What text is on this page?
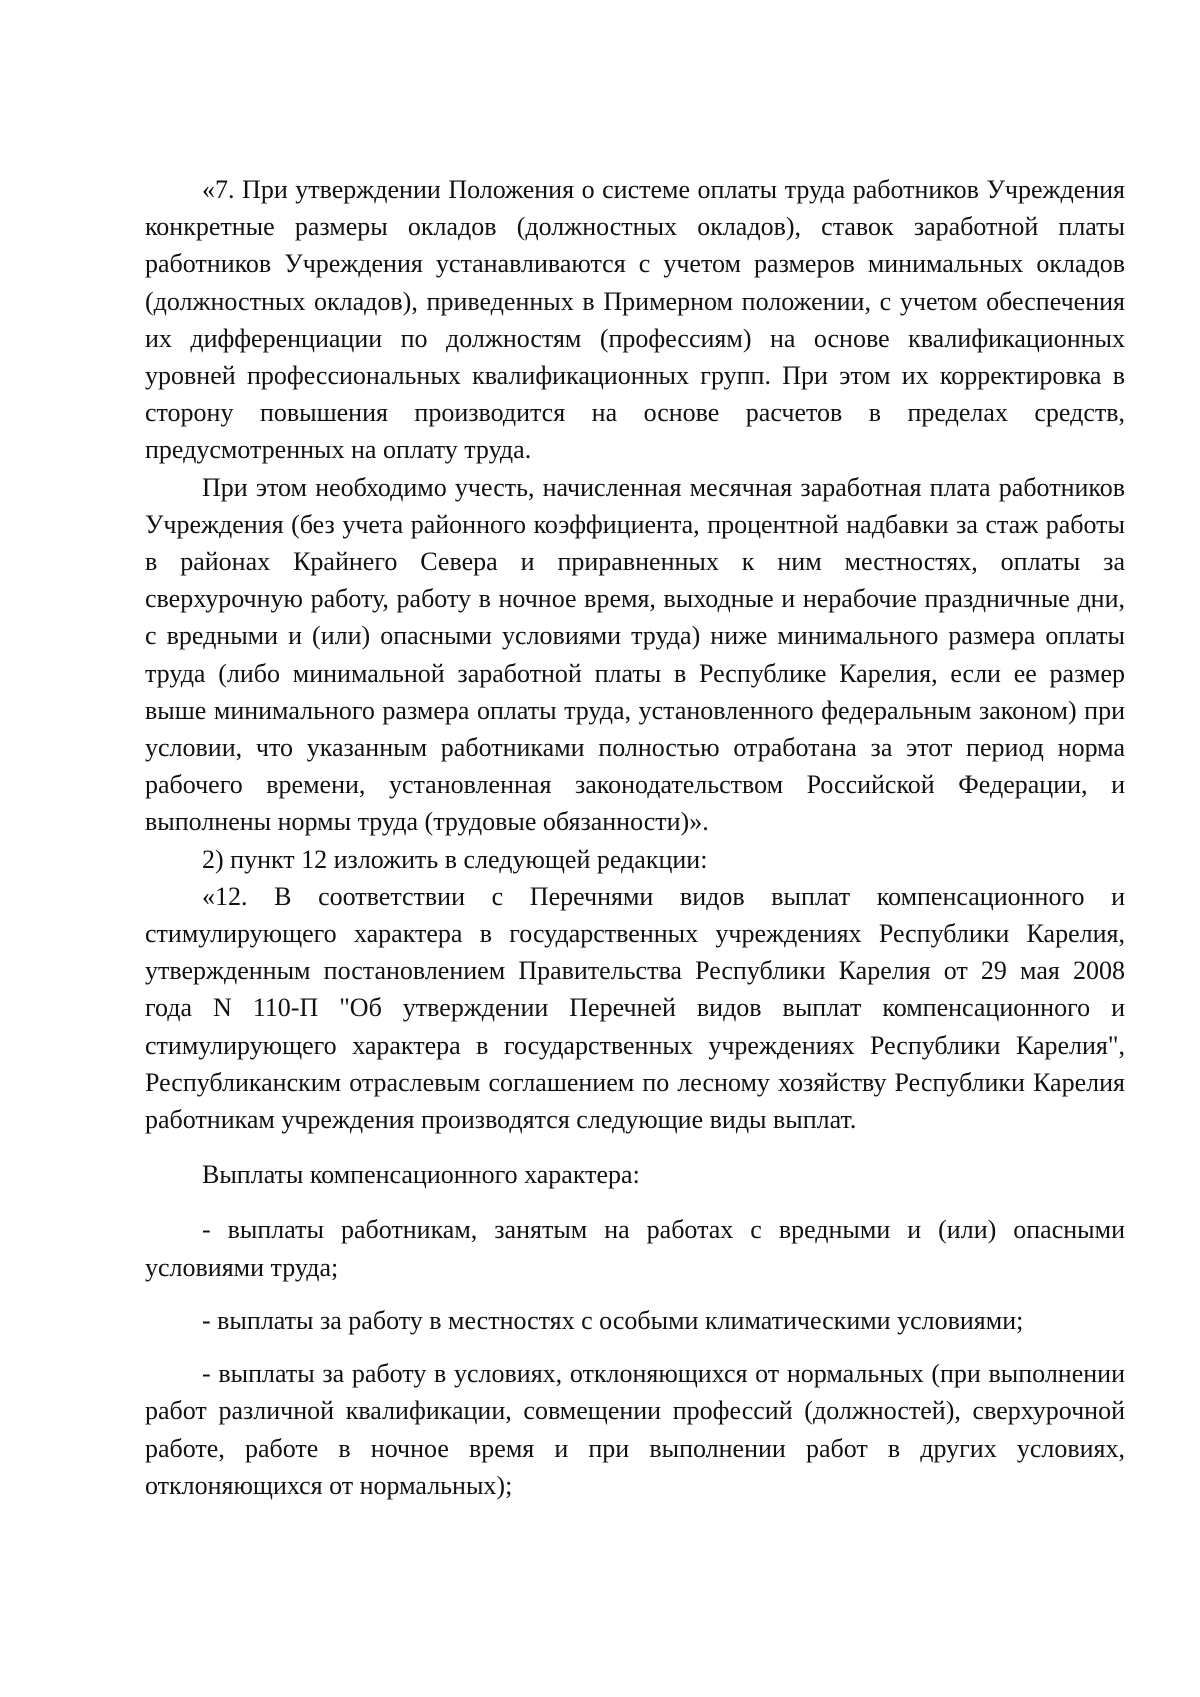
«7. При утверждении Положения о системе оплаты труда работников Учреждения конкретные размеры окладов (должностных окладов), ставок заработной платы работников Учреждения устанавливаются с учетом размеров минимальных окладов (должностных окладов), приведенных в Примерном положении, с учетом обеспечения их дифференциации по должностям (профессиям) на основе квалификационных уровней профессиональных квалификационных групп. При этом их корректировка в сторону повышения производится на основе расчетов в пределах средств, предусмотренных на оплату труда.

При этом необходимо учесть, начисленная месячная заработная плата работников Учреждения (без учета районного коэффициента, процентной надбавки за стаж работы в районах Крайнего Севера и приравненных к ним местностях, оплаты за сверхурочную работу, работу в ночное время, выходные и нерабочие праздничные дни, с вредными и (или) опасными условиями труда) ниже минимального размера оплаты труда (либо минимальной заработной платы в Республике Карелия, если ее размер выше минимального размера оплаты труда, установленного федеральным законом) при условии, что указанным работниками полностью отработана за этот период норма рабочего времени, установленная законодательством Российской Федерации, и выполнены нормы труда (трудовые обязанности)».

2) пункт 12 изложить в следующей редакции:

«12. В соответствии с Перечнями видов выплат компенсационного и стимулирующего характера в государственных учреждениях Республики Карелия, утвержденным постановлением Правительства Республики Карелия от 29 мая 2008 года N 110-П "Об утверждении Перечней видов выплат компенсационного и стимулирующего характера в государственных учреждениях Республики Карелия", Республиканским отраслевым соглашением по лесному хозяйству Республики Карелия работникам учреждения производятся следующие виды выплат.

Выплаты компенсационного характера:

- выплаты работникам, занятым на работах с вредными и (или) опасными условиями труда;

- выплаты за работу в местностях с особыми климатическими условиями;

- выплаты за работу в условиях, отклоняющихся от нормальных (при выполнении работ различной квалификации, совмещении профессий (должностей), сверхурочной работе, работе в ночное время и при выполнении работ в других условиях, отклоняющихся от нормальных);
